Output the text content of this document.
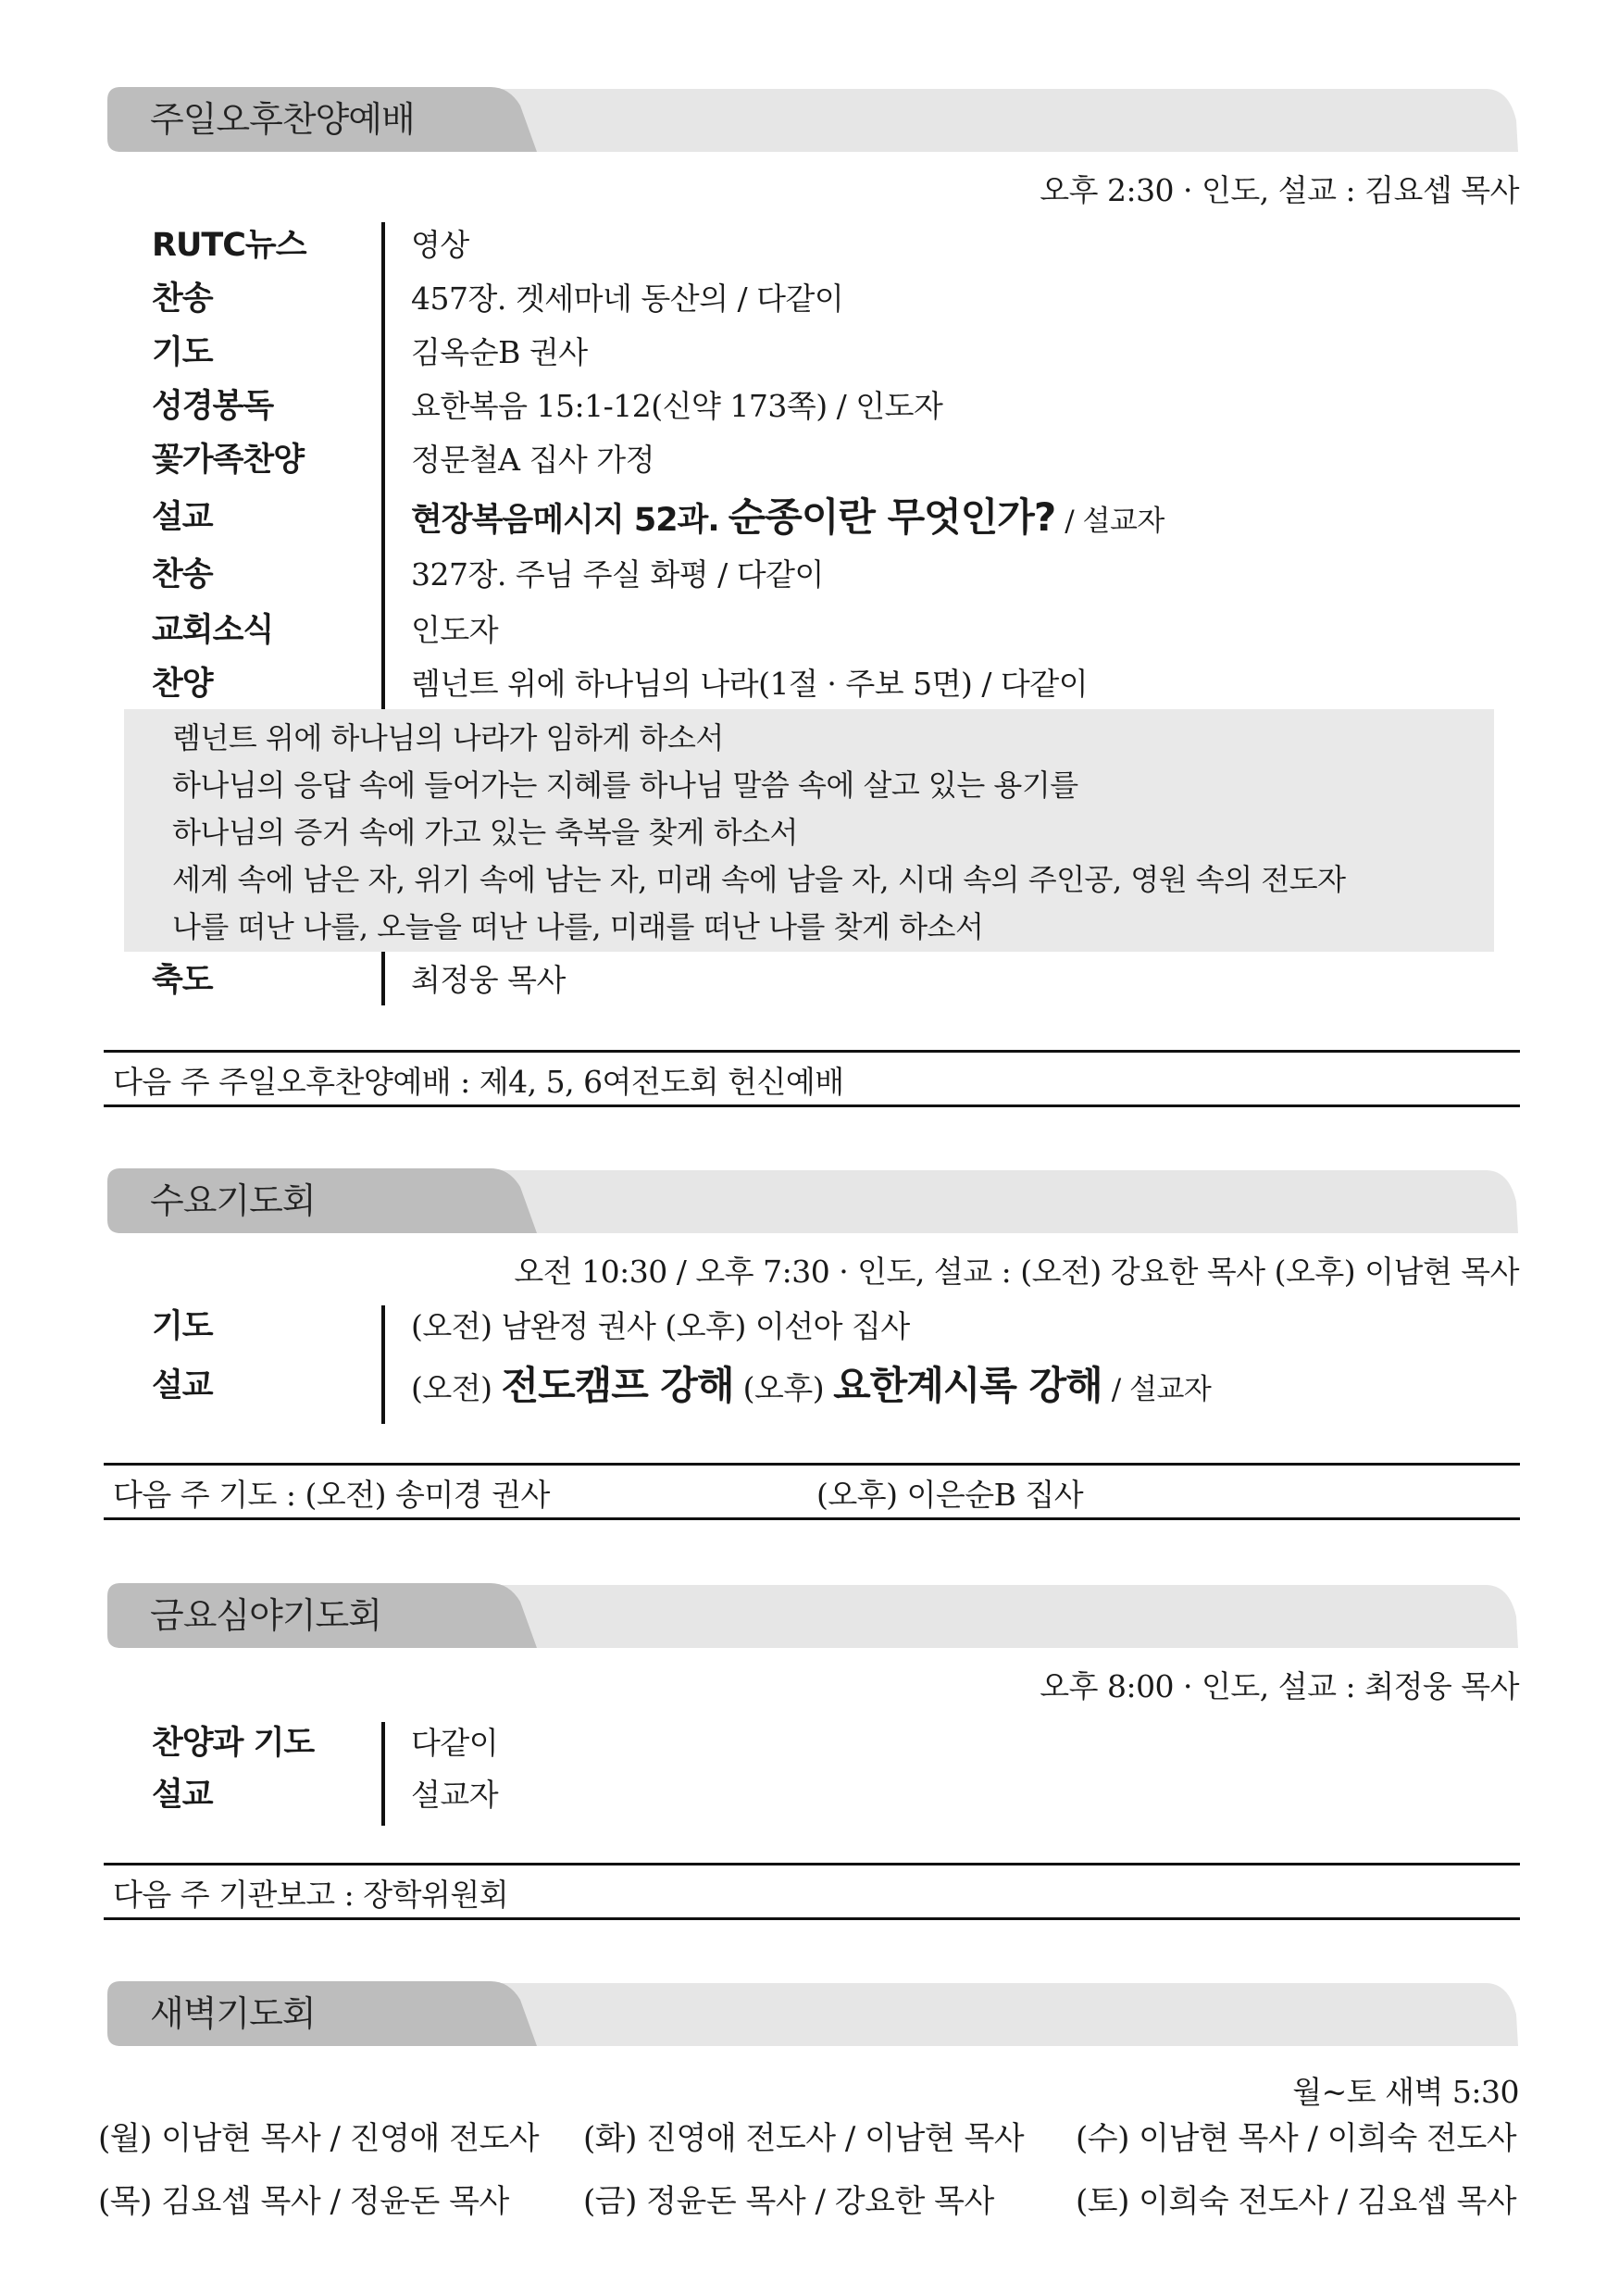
주일오후찬양예배
오후 2:30 · 인도, 설교 : 김요셉 목사
RUTC뉴스	영상
찬송	457장. 겟세마네 동산의 / 다같이
기도	김옥순B 권사
성경봉독	요한복음 15:1-12(신약 173쪽) / 인도자
꽃가족찬양	정문철A 집사 가정
설교	현장복음메시지 52과. 순종이란 무엇인가? / 설교자
찬송	327장. 주님 주실 화평 / 다같이
교회소식	인도자
찬양	렘넌트 위에 하나님의 나라(1절 · 주보 5면) / 다같이
렘넌트 위에 하나님의 나라가 임하게 하소서
하나님의 응답 속에 들어가는 지혜를 하나님 말씀 속에 살고 있는 용기를
하나님의 증거 속에 가고 있는 축복을 찾게 하소서
세계 속에 남은 자, 위기 속에 남는 자, 미래 속에 남을 자, 시대 속의 주인공, 영원 속의 전도자
나를 떠난 나를, 오늘을 떠난 나를, 미래를 떠난 나를 찾게 하소서
축도	최정웅 목사
다음 주 주일오후찬양예배 : 제4, 5, 6여전도회 헌신예배
수요기도회
오전 10:30 / 오후 7:30 · 인도, 설교 : (오전) 강요한 목사 (오후) 이남현 목사
기도	(오전) 남완정 권사 (오후) 이선아 집사
설교	(오전) 전도캠프 강해 (오후) 요한계시록 강해 / 설교자
다음 주 기도 : (오전) 송미경 권사	(오후) 이은순B 집사
금요심야기도회
오후 8:00 · 인도, 설교 : 최정웅 목사
찬양과 기도	다같이
설교	설교자
다음 주 기관보고 : 장학위원회
새벽기도회
월~토 새벽 5:30
(월) 이남현 목사 / 진영애 전도사 (화) 진영애 전도사 / 이남현 목사 (수) 이남현 목사 / 이희숙 전도사
(목) 김요셉 목사 / 정윤돈 목사 (금) 정윤돈 목사 / 강요한 목사	(토) 이희숙 전도사 / 김요셉 목사
